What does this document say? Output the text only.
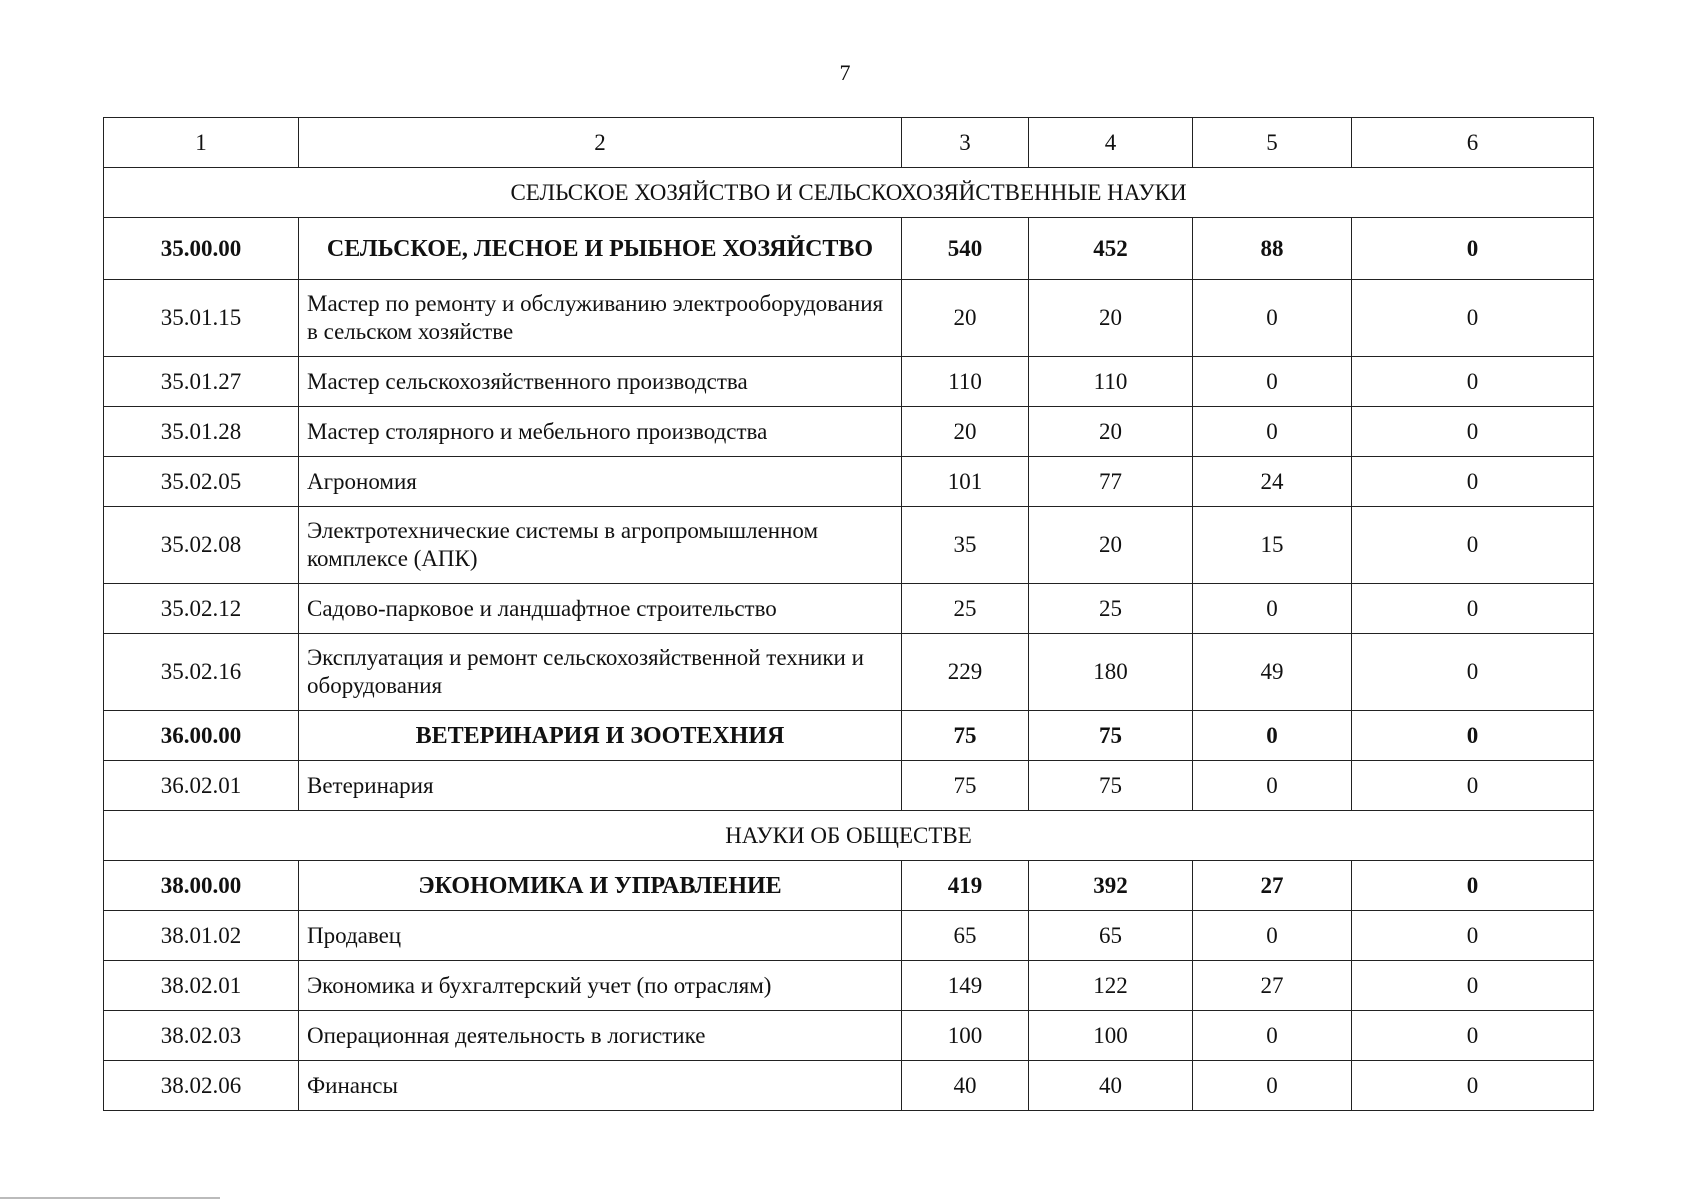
7
1	2	3	4	5	6
СЕЛЬСКОЕ ХОЗЯЙСТВО И СЕЛЬСКОХОЗЯЙСТВЕННЫЕ НАУКИ					
35.00.00	СЕЛЬСКОЕ, ЛЕСНОЕ И РЫБНОЕ ХОЗЯЙСТВО	540	452	88	0
35.01.15	Мастер по ремонту и обслуживанию электрооборудования в сельском хозяйстве	20	20	0	0
35.01.27	Мастер сельскохозяйственного производства	110	110	0	0
35.01.28	Мастер столярного и мебельного производства	20	20	0	0
35.02.05	Агрономия	101	77	24	0
35.02.08	Электротехнические системы в агропромышленном комплексе (АПК)	35	20	15	0
35.02.12	Садово-парковое и ландшафтное строительство	25	25	0	0
35.02.16	Эксплуатация и ремонт сельскохозяйственной техники и оборудования	229	180	49	0
36.00.00	ВЕТЕРИНАРИЯ И ЗООТЕХНИЯ	75	75	0	0
36.02.01	Ветеринария	75	75	0	0
НАУКИ ОБ ОБЩЕСТВЕ					
38.00.00	ЭКОНОМИКА И УПРАВЛЕНИЕ	419	392	27	0
38.01.02	Продавец	65	65	0	0
38.02.01	Экономика и бухгалтерский учет (по отраслям)	149	122	27	0
38.02.03	Операционная деятельность в логистике	100	100	0	0
38.02.06	Финансы	40	40	0	0
